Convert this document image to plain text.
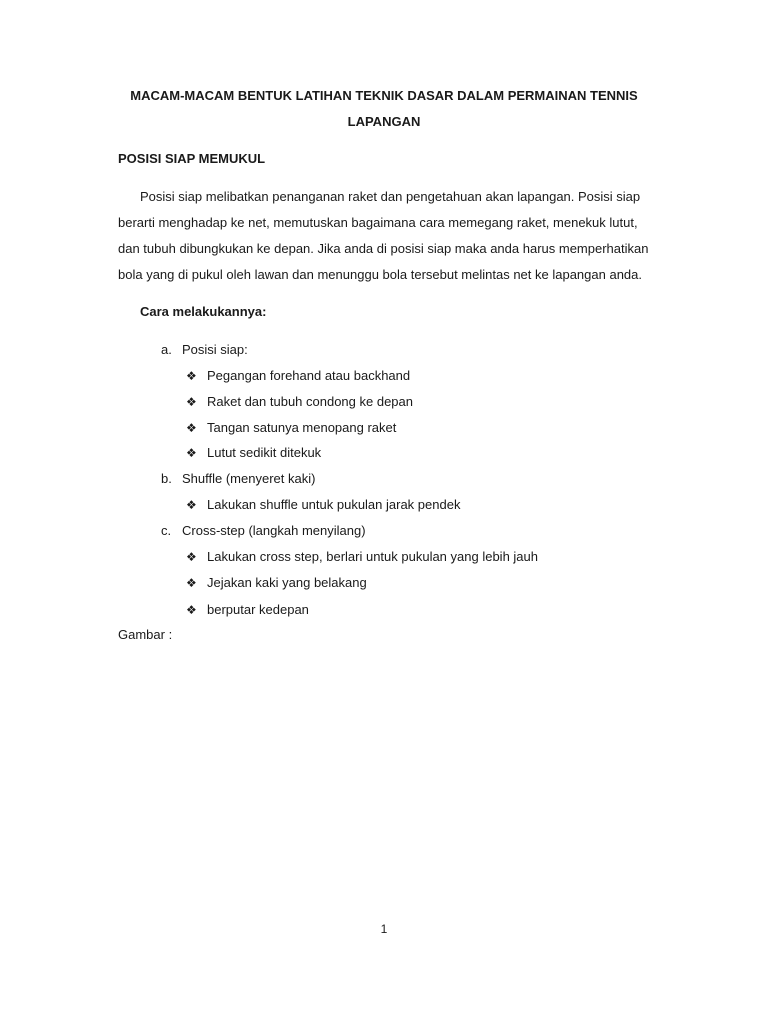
MACAM-MACAM BENTUK LATIHAN TEKNIK DASAR DALAM PERMAINAN TENNIS
LAPANGAN
POSISI SIAP MEMUKUL
Posisi siap melibatkan penanganan raket dan pengetahuan akan lapangan. Posisi siap
berarti menghadap ke net, memutuskan bagaimana cara memegang raket, menekuk lutut,
dan tubuh dibungkukan ke depan. Jika anda di posisi siap maka anda harus memperhatikan
bola yang di pukul oleh lawan dan menunggu bola tersebut melintas net ke lapangan anda.
Cara melakukannya:
a. Posisi siap:
❖ Pegangan forehand atau backhand
❖ Raket dan tubuh condong ke depan
❖ Tangan satunya menopang raket
❖ Lutut sedikit ditekuk
b. Shuffle (menyeret kaki)
❖ Lakukan shuffle untuk pukulan jarak pendek
c. Cross-step (langkah menyilang)
❖ Lakukan cross step, berlari untuk pukulan yang lebih jauh
❖ Jejakan kaki yang belakang
❖ berputar kedepan
Gambar :
1
